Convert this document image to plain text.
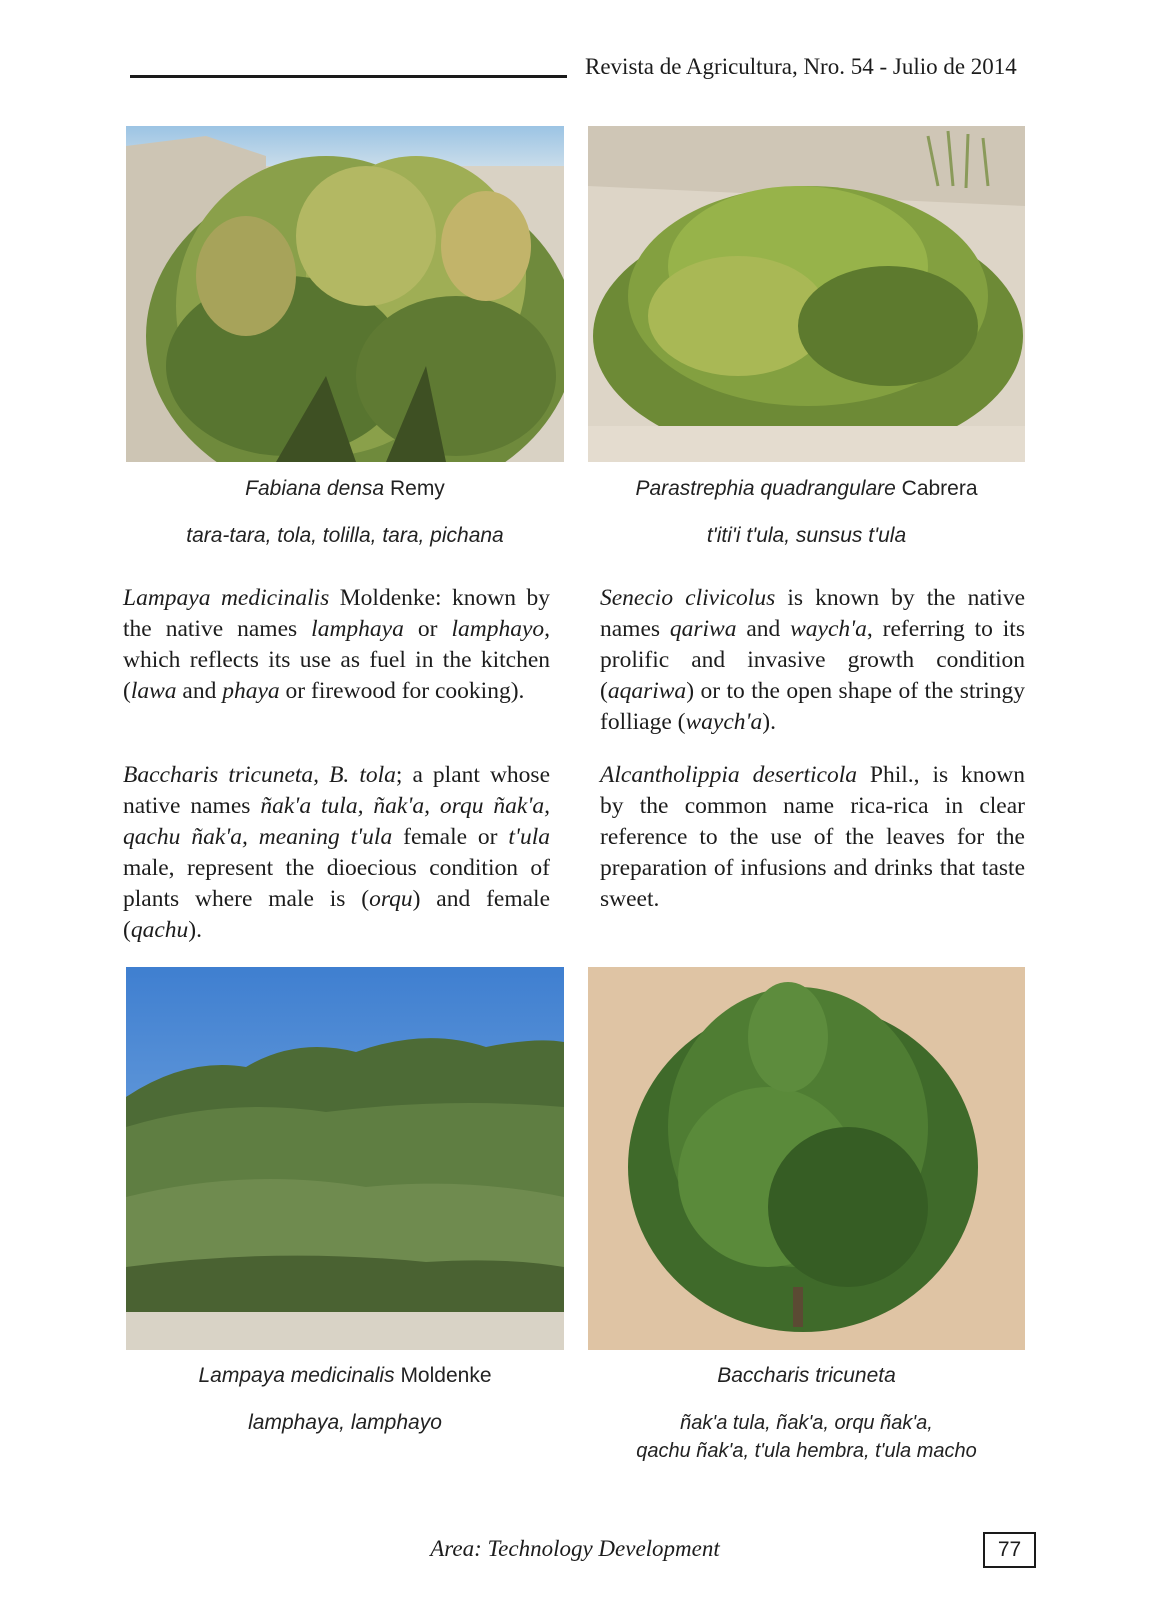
Revista de Agricultura, Nro. 54 - Julio de 2014
Fabiana densa Remy
tara-tara, tola, tolilla, tara, pichana
Parastrephia quadrangulare Cabrera
t'iti'i t'ula, sunsus t'ula
Lampaya medicinalis Moldenke
lamphaya, lamphayo
Baccharis tricuneta
ñak'a tula, ñak'a, orqu ñak'a,
qachu ñak'a, t'ula hembra, t'ula macho
Lampaya medicinalis Moldenke: known by the native names lamphaya or lamphayo, which reflects its use as fuel in the kitchen (lawa and phaya or firewood for cooking).
Baccharis tricuneta, B. tola; a plant whose native names ñak'a tula, ñak'a, orqu ñak'a, qachu ñak'a, meaning t'ula female or t'ula male, represent the dioecious condition of plants where male is (orqu) and female (qachu).
Senecio clivicolus is known by the native names qariwa and waych'a, referring to its prolific and invasive growth condition (aqariwa) or to the open shape of the stringy folliage (waych'a).
Alcantholippia deserticola Phil., is known by the common name rica-rica in clear reference to the use of the leaves for the preparation of infusions and drinks that taste sweet.
Area: Technology Development	77
